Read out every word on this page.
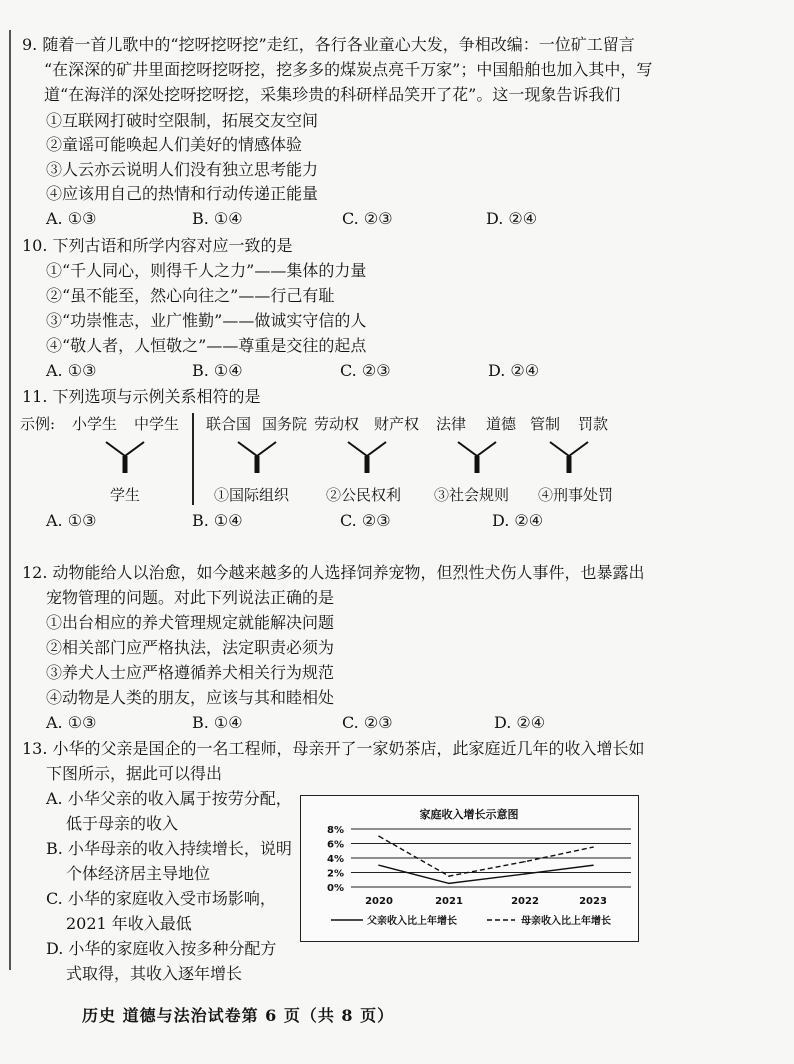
9. 随着一首儿歌中的“挖呀挖呀挖”走红，各行各业童心大发，争相改编：一位矿工留言
“在深深的矿井里面挖呀挖呀挖，挖多多的煤炭点亮千万家”；中国船舶也加入其中，写
道“在海洋的深处挖呀挖呀挖，采集珍贵的科研样品笑开了花”。这一现象告诉我们
①互联网打破时空限制，拓展交友空间
②童谣可能唤起人们美好的情感体验
③人云亦云说明人们没有独立思考能力
④应该用自己的热情和行动传递正能量
A. ①③	B. ①④	C. ②③	D. ②④
10. 下列古语和所学内容对应一致的是
①“千人同心，则得千人之力”——集体的力量
②“虽不能至，然心向往之”——行己有耻
③“功崇惟志，业广惟勤”——做诚实守信的人
④“敬人者，人恒敬之”——尊重是交往的起点
A. ①③	B. ①④	C. ②③	D. ②④
11. 下列选项与示例关系相符的是
示例: 小学生 中学生
学生
联合国 国务院
①国际组织
劳动权 财产权
②公民权利
法律 道德
③社会规则
管制 罚款
④刑事处罚
A. ①③	B. ①④	C. ②③	D. ②④
12. 动物能给人以治愈，如今越来越多的人选择饲养宠物，但烈性犬伤人事件，也暴露出
宠物管理的问题。对此下列说法正确的是
①出台相应的养犬管理规定就能解决问题
②相关部门应严格执法，法定职责必须为
③养犬人士应严格遵循养犬相关行为规范
④动物是人类的朋友，应该与其和睦相处
A. ①③	B. ①④	C. ②③	D. ②④
13. 小华的父亲是国企的一名工程师，母亲开了一家奶茶店，此家庭近几年的收入增长如
下图所示，据此可以得出
A. 小华父亲的收入属于按劳分配，
低于母亲的收入
B. 小华母亲的收入持续增长，说明
个体经济居主导地位
C. 小华的家庭收入受市场影响，
2021 年收入最低
D. 小华的家庭收入按多种分配方
式取得，其收入逐年增长
家庭收入增长示意图
8%
6%
4%
2%
0%
2020	2021	2022	2023
父亲收入比上年增长	母亲收入比上年增长
历史 道德与法治试卷第 6 页（共 8 页）
